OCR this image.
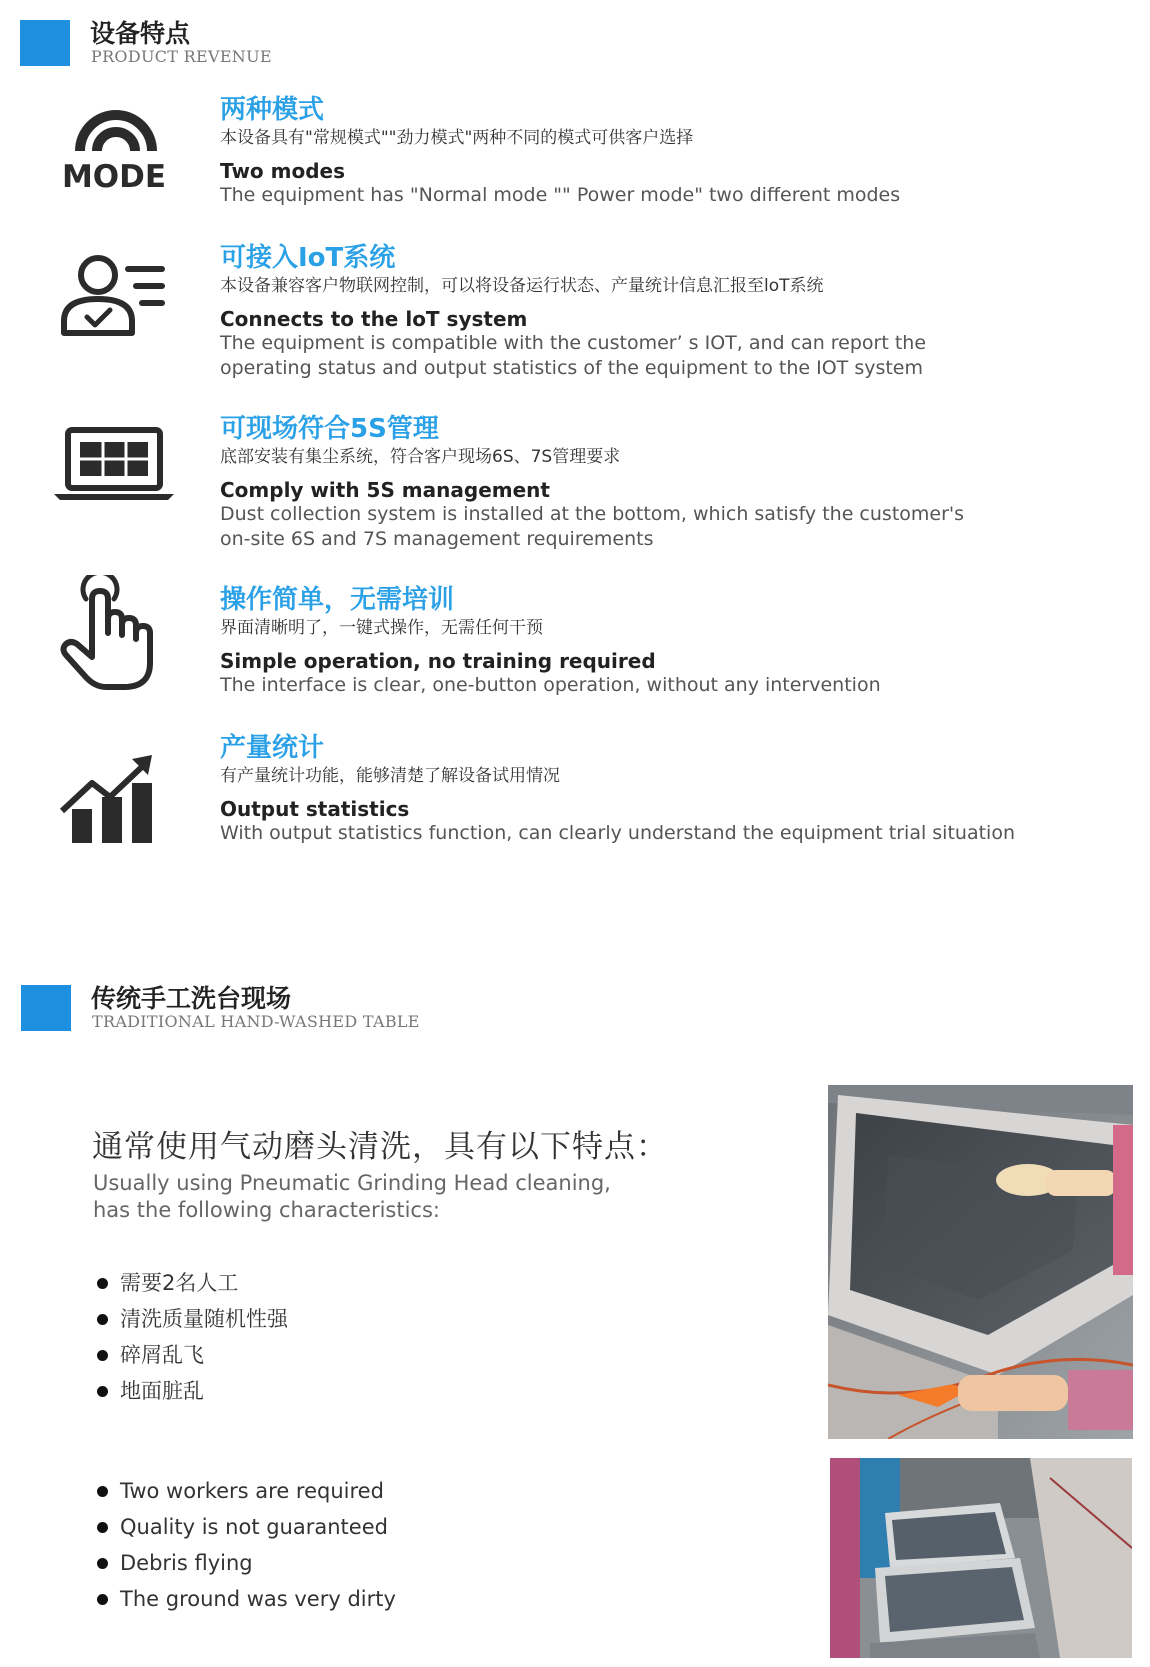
设备特点
PRODUCT REVENUE
MODE
两种模式
本设备具有"常规模式""劲力模式"两种不同的模式可供客户选择
Two modes
The equipment has "Normal mode "" Power mode" two different modes
可接入IoT系统
本设备兼容客户物联网控制，可以将设备运行状态、产量统计信息汇报至loT系统
Connects to the loT system
The equipment is compatible with the customer’ s IOT, and can report the operating status and output statistics of the equipment to the IOT system
可现场符合5S管理
底部安装有集尘系统，符合客户现场6S、7S管理要求
Comply with 5S management
Dust collection system is installed at the bottom, which satisfy the customer's on-site 6S and 7S management requirements
操作简单，无需培训
界面清晰明了，一键式操作，无需任何干预
Simple operation, no training required
The interface is clear, one-button operation, without any intervention
产量统计
有产量统计功能，能够清楚了解设备试用情况
Output statistics
With output statistics function, can clearly understand the equipment trial situation
传统手工洗台现场
TRADITIONAL HAND-WASHED TABLE
通常使用气动磨头清洗，具有以下特点：
Usually using Pneumatic Grinding Head cleaning, has the following characteristics:
需要2名人工
清洗质量随机性强
碎屑乱飞
地面脏乱
Two workers are required
Quality is not guaranteed
Debris flying
The ground was very dirty
